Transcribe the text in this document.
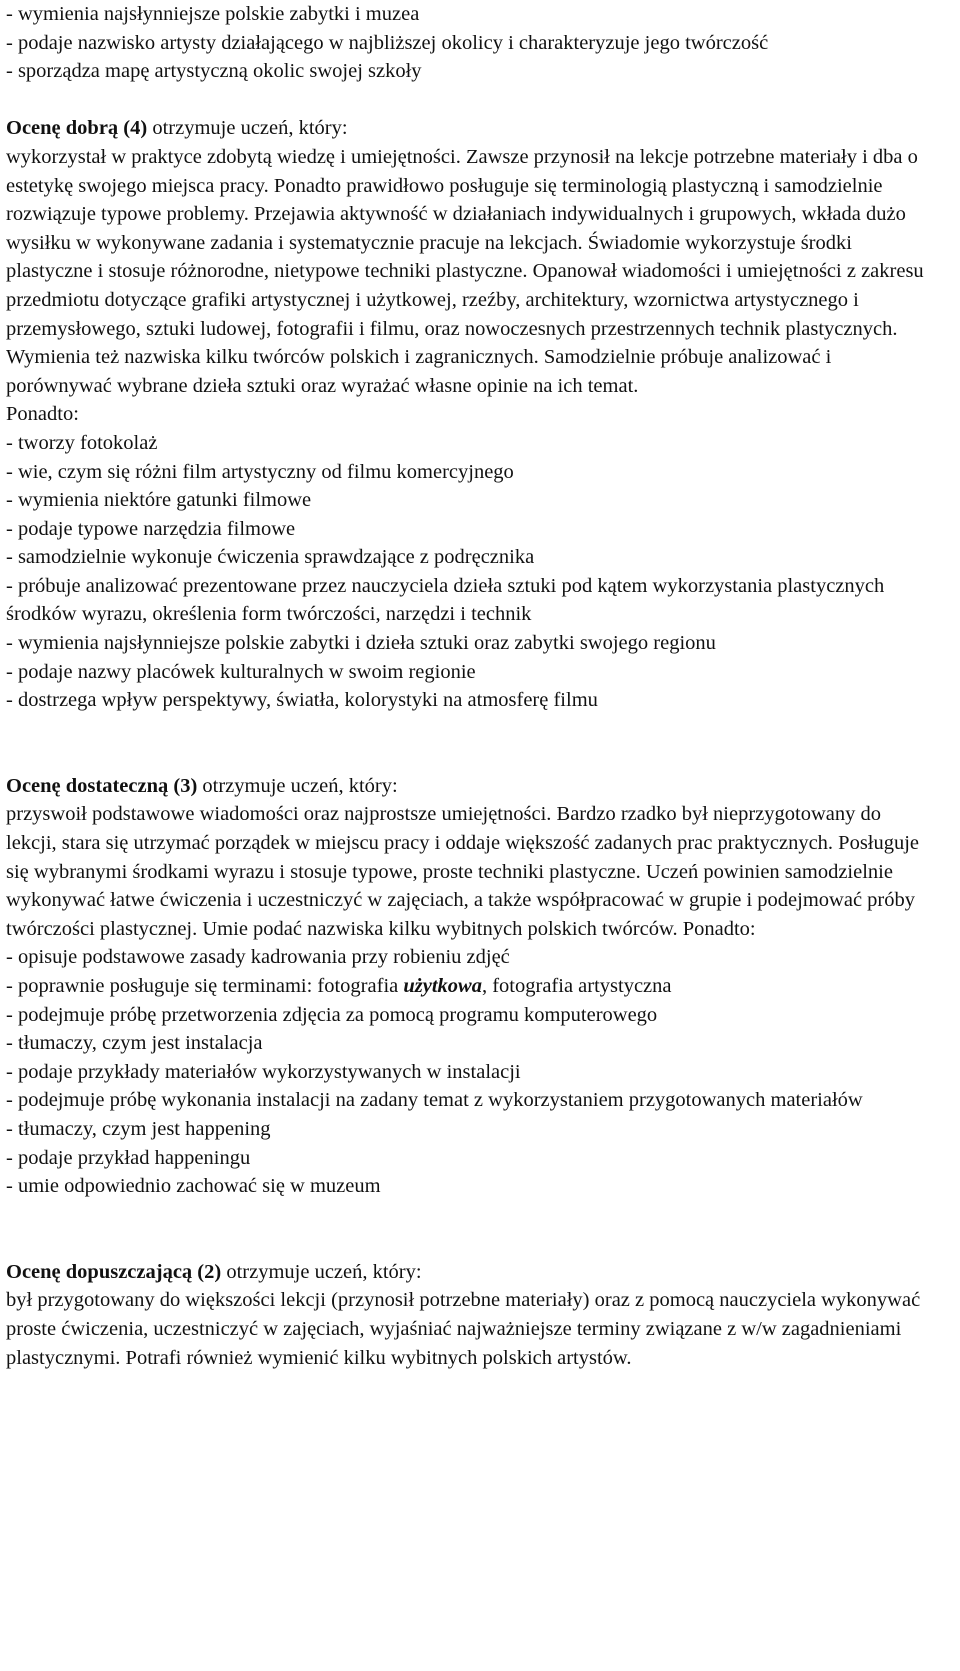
- wymienia najsłynniejsze polskie zabytki i muzea

- podaje nazwisko artysty działającego w najbliższej okolicy i charakteryzuje jego twórczość

- sporządza mapę artystyczną okolic swojej szkoły

Ocenę dobrą (4) otrzymuje uczeń, który:

wykorzystał w praktyce zdobytą wiedzę i umiejętności. Zawsze przynosił na lekcje potrzebne materiały i dba o estetykę swojego miejsca pracy. Ponadto prawidłowo posługuje się terminologią plastyczną i samodzielnie rozwiązuje typowe problemy. Przejawia aktywność w działaniach indywidualnych i grupowych, wkłada dużo wysiłku w wykonywane zadania i systematycznie pracuje na lekcjach. Świadomie wykorzystuje środki plastyczne i stosuje różnorodne, nietypowe techniki plastyczne. Opanował wiadomości i umiejętności z zakresu przedmiotu dotyczące grafiki artystycznej i użytkowej, rzeźby, architektury, wzornictwa artystycznego i przemysłowego, sztuki ludowej, fotografii i filmu, oraz nowoczesnych przestrzennych technik plastycznych. Wymienia też nazwiska kilku twórców polskich i zagranicznych. Samodzielnie próbuje analizować i porównywać wybrane dzieła sztuki oraz wyrażać własne opinie na ich temat.

Ponadto:

- tworzy fotokolaż

- wie, czym się różni film artystyczny od filmu komercyjnego

- wymienia niektóre gatunki filmowe

- podaje typowe narzędzia filmowe

- samodzielnie wykonuje ćwiczenia sprawdzające z podręcznika

- próbuje analizować prezentowane przez nauczyciela dzieła sztuki pod kątem wykorzystania plastycznych środków wyrazu, określenia form twórczości, narzędzi i technik

- wymienia najsłynniejsze polskie zabytki i dzieła sztuki oraz zabytki swojego regionu

- podaje nazwy placówek kulturalnych w swoim regionie

- dostrzega wpływ perspektywy, światła, kolorystyki na atmosferę filmu

Ocenę dostateczną (3) otrzymuje uczeń, który:

przyswoił podstawowe wiadomości oraz najprostsze umiejętności. Bardzo rzadko był nieprzygotowany do lekcji, stara się utrzymać porządek w miejscu pracy i oddaje większość zadanych prac praktycznych. Posługuje się wybranymi środkami wyrazu i stosuje typowe, proste techniki plastyczne. Uczeń powinien samodzielnie wykonywać łatwe ćwiczenia i uczestniczyć w zajęciach, a także współpracować w grupie i podejmować próby twórczości plastycznej. Umie podać nazwiska kilku wybitnych polskich twórców. Ponadto:

- opisuje podstawowe zasady kadrowania przy robieniu zdjęć

- poprawnie posługuje się terminami: fotografia użytkowa, fotografia artystyczna

- podejmuje próbę przetworzenia zdjęcia za pomocą programu komputerowego

- tłumaczy, czym jest instalacja

- podaje przykłady materiałów wykorzystywanych w instalacji

- podejmuje próbę wykonania instalacji na zadany temat z wykorzystaniem przygotowanych materiałów

- tłumaczy, czym jest happening

- podaje przykład happeningu

- umie odpowiednio zachować się w muzeum

Ocenę dopuszczającą (2) otrzymuje uczeń, który:

był przygotowany do większości lekcji (przynosił potrzebne materiały) oraz z pomocą nauczyciela wykonywać proste ćwiczenia, uczestniczyć w zajęciach, wyjaśniać najważniejsze terminy związane z w/w zagadnieniami plastycznymi. Potrafi również wymienić kilku wybitnych polskich artystów.
